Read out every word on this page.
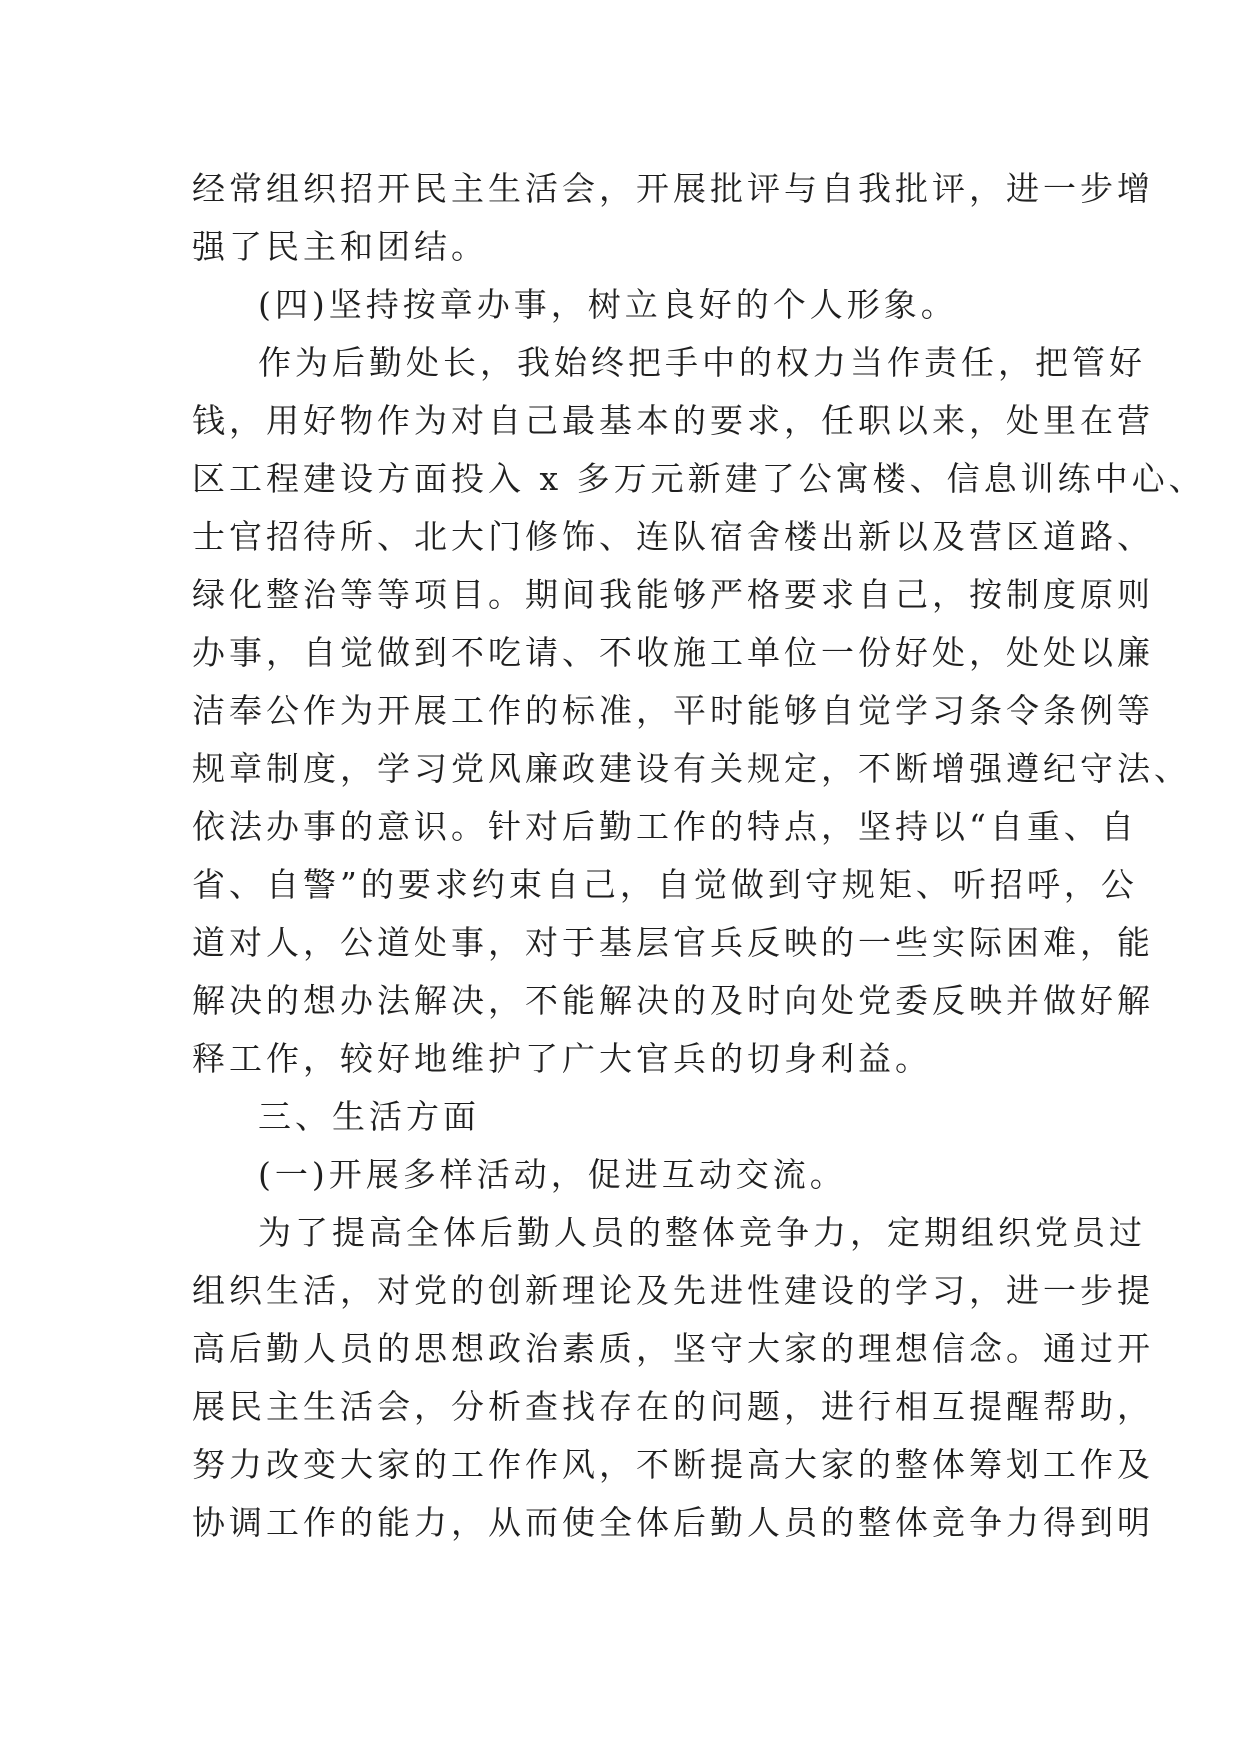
经常组织招开民主生活会，开展批评与自我批评，进一步增
强了民主和团结。
(四)坚持按章办事，树立良好的个人形象。
作为后勤处长，我始终把手中的权力当作责任，把管好
钱，用好物作为对自己最基本的要求，任职以来，处里在营
区工程建设方面投入 x 多万元新建了公寓楼、信息训练中心、
士官招待所、北大门修饰、连队宿舍楼出新以及营区道路、
绿化整治等等项目。期间我能够严格要求自己，按制度原则
办事，自觉做到不吃请、不收施工单位一份好处，处处以廉
洁奉公作为开展工作的标准，平时能够自觉学习条令条例等
规章制度，学习党风廉政建设有关规定，不断增强遵纪守法、
依法办事的意识。针对后勤工作的特点，坚持以“自重、自
省、自警”的要求约束自己，自觉做到守规矩、听招呼，公
道对人，公道处事，对于基层官兵反映的一些实际困难，能
解决的想办法解决，不能解决的及时向处党委反映并做好解
释工作，较好地维护了广大官兵的切身利益。
三、生活方面
(一)开展多样活动，促进互动交流。
为了提高全体后勤人员的整体竞争力，定期组织党员过
组织生活，对党的创新理论及先进性建设的学习，进一步提
高后勤人员的思想政治素质，坚守大家的理想信念。通过开
展民主生活会，分析查找存在的问题，进行相互提醒帮助，
努力改变大家的工作作风，不断提高大家的整体筹划工作及
协调工作的能力，从而使全体后勤人员的整体竞争力得到明
